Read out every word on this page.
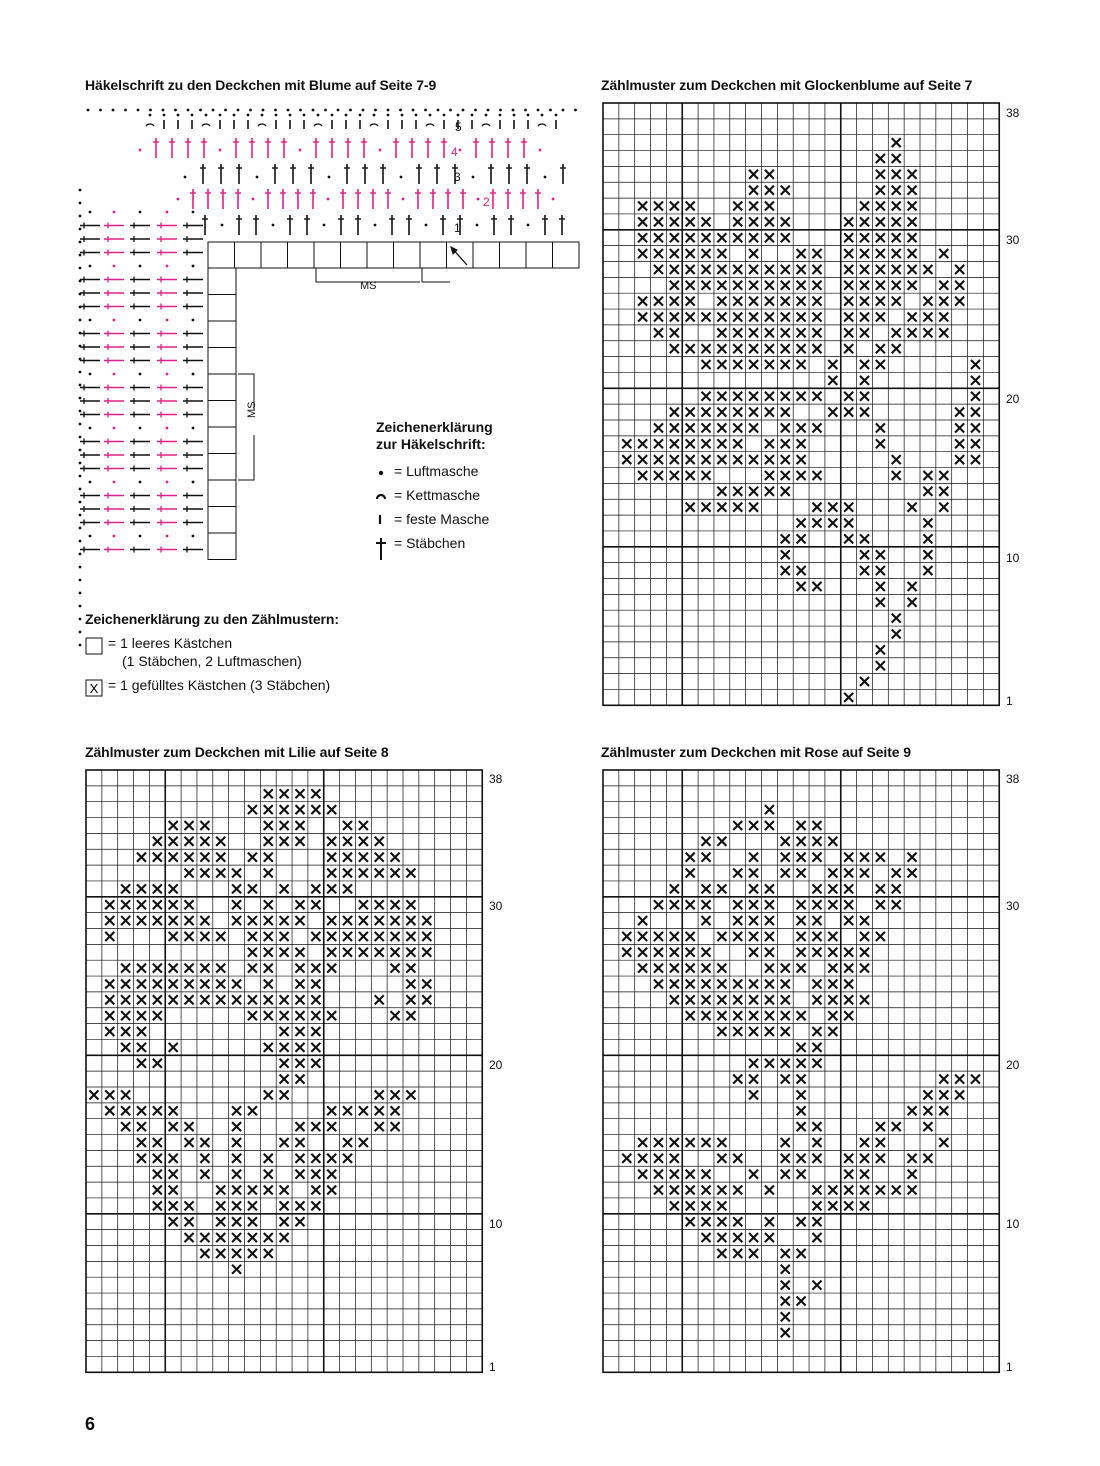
Häkelschrift zu den Deckchen mit Blume auf Seite 7-9	Zählmuster zum Deckchen mit Glockenblume auf Seite 7
Zählmuster zum Deckchen mit Lilie auf Seite 8	Zählmuster zum Deckchen mit Rose auf Seite 9
MS
MS
1
2
3
4
5
Zeichenerklärung
zur Häkelschrift:
= Luftmasche
= Kettmasche
= feste Masche
= Stäbchen
Zeichenerklärung zu den Zählmustern:
= 1 leeres Kästchen
(1 Stäbchen, 2 Luftmaschen)
X = 1 gefülltes Kästchen (3 Stäbchen)
38
30
20
10
1
38
30
20
10
1
38
30
20
10
1
6
